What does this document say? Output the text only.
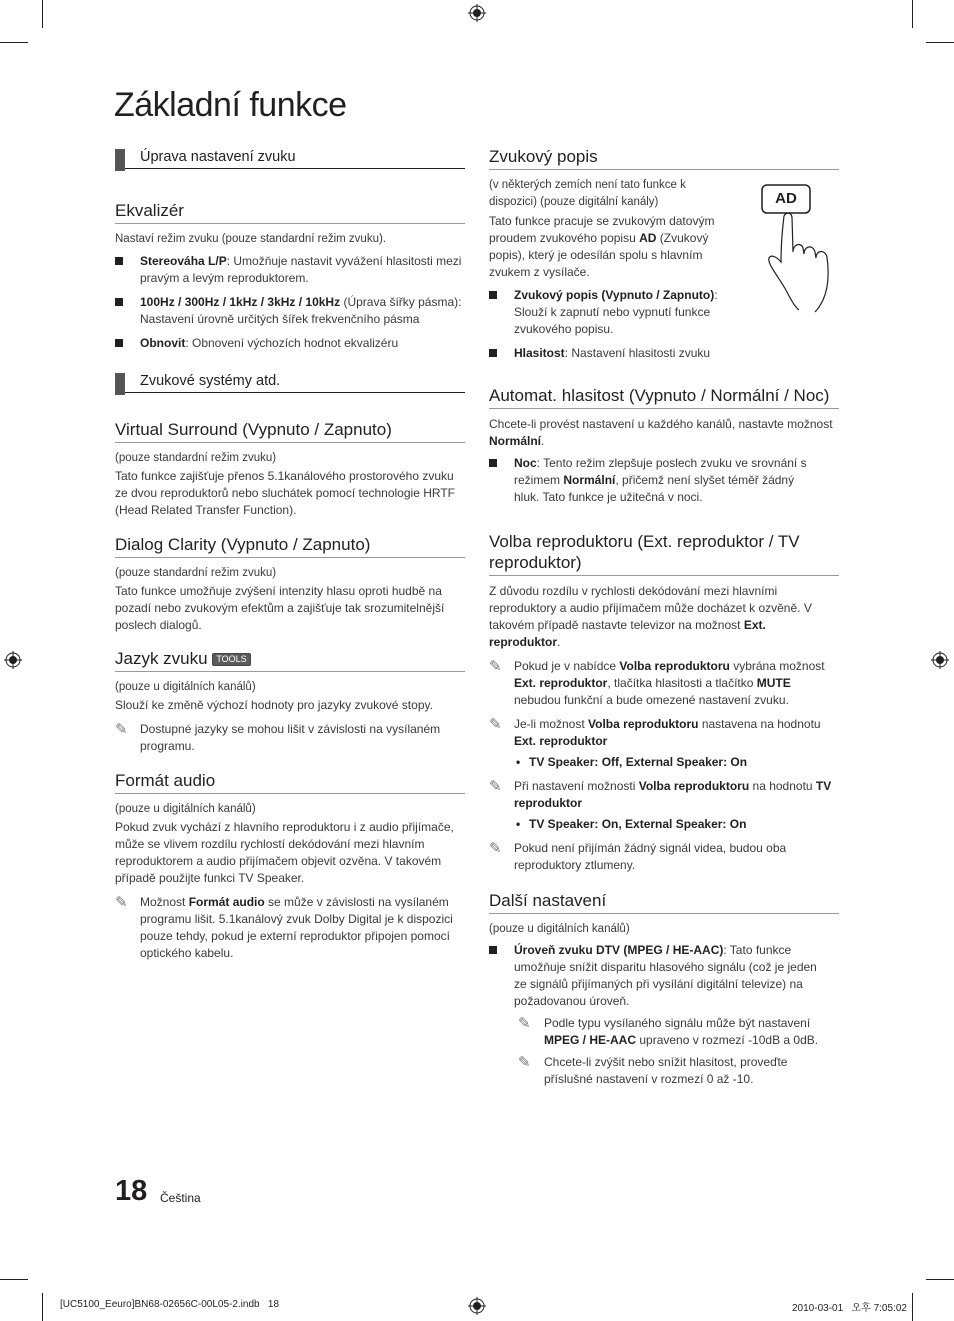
Základní funkce
Úprava nastavení zvuku
Ekvalizér

Nastaví režim zvuku (pouze standardní režim zvuku).

Stereováha L/P: Umožňuje nastavit vyvážení hlasitosti mezi pravým a levým reproduktorem.
100Hz / 300Hz / 1kHz / 3kHz / 10kHz (Úprava šířky pásma): Nastavení úrovně určitých šířek frekvenčního pásma
Obnovit: Obnovení výchozích hodnot ekvalizéru
Zvukové systémy atd.
Virtual Surround (Vypnuto / Zapnuto)

(pouze standardní režim zvuku)

Tato funkce zajišťuje přenos 5.1kanálového prostorového zvuku ze dvou reproduktorů nebo sluchátek pomocí technologie HRTF (Head Related Transfer Function).

Dialog Clarity (Vypnuto / Zapnuto)

(pouze standardní režim zvuku)

Tato funkce umožňuje zvýšení intenzity hlasu oproti hudbě na pozadí nebo zvukovým efektům a zajišťuje tak srozumitelnější poslech dialogů.

Jazyk zvuku TOOLS

(pouze u digitálních kanálů)

Slouží ke změně výchozí hodnoty pro jazyky zvukové stopy.

✎ Dostupné jazyky se mohou lišit v závislosti na vysílaném programu.
Formát audio

(pouze u digitálních kanálů)

Pokud zvuk vychází z hlavního reproduktoru i z audio přijímače, může se vlivem rozdílu rychlostí dekódování mezi hlavním reproduktorem a audio přijímačem objevit ozvěna. V takovém případě použijte funkci TV Speaker.

✎ Možnost Formát audio se může v závislosti na vysílaném programu lišit. 5.1kanálový zvuk Dolby Digital je k dispozici pouze tehdy, pokud je externí reproduktor připojen pomocí optického kabelu.
Zvukový popis

(v některých zemích není tato funkce k dispozici) (pouze digitální kanály)

Tato funkce pracuje se zvukovým datovým proudem zvukového popisu AD (Zvukový popis), který je odesílán spolu s hlavním zvukem z vysílače.

AD
Zvukový popis (Vypnuto / Zapnuto): Slouží k zapnutí nebo vypnutí funkce zvukového popisu.
Hlasitost: Nastavení hlasitosti zvuku
Automat. hlasitost (Vypnuto / Normální / Noc)

Chcete-li provést nastavení u každého kanálů, nastavte možnost Normální.

Noc: Tento režim zlepšuje poslech zvuku ve srovnání s režimem Normální, přičemž není slyšet téměř žádný hluk. Tato funkce je užitečná v noci.
Volba reproduktoru (Ext. reproduktor / TV reproduktor)

Z důvodu rozdílu v rychlosti dekódování mezi hlavními reproduktory a audio přijímačem může docházet k ozvěně. V takovém případě nastavte televizor na možnost Ext. reproduktor.

✎ Pokud je v nabídce Volba reproduktoru vybrána možnost Ext. reproduktor, tlačítka hlasitosti a tlačítko MUTE nebudou funkční a bude omezené nastavení zvuku.
✎ Je-li možnost Volba reproduktoru nastavena na hodnotu Ext. reproduktor
• TV Speaker: Off, External Speaker: On
✎ Při nastavení možnosti Volba reproduktoru na hodnotu TV reproduktor
• TV Speaker: On, External Speaker: On
✎ Pokud není přijímán žádný signál videa, budou oba reproduktory ztlumeny.
Další nastavení

(pouze u digitálních kanálů)

Úroveň zvuku DTV (MPEG / HE-AAC): Tato funkce umožňuje snížit disparitu hlasového signálu (což je jeden ze signálů přijímaných při vysílání digitální televize) na požadovanou úroveň.
✎ Podle typu vysílaného signálu může být nastavení MPEG / HE-AAC upraveno v rozmezí -10dB a 0dB.
✎ Chcete-li zvýšit nebo snížit hlasitost, proveďte příslušné nastavení v rozmezí 0 až -10.
18 Čeština
[UC5100_Eeuro]BN68-02656C-00L05-2.indb   18	2010-03-01   오후 7:05:02
